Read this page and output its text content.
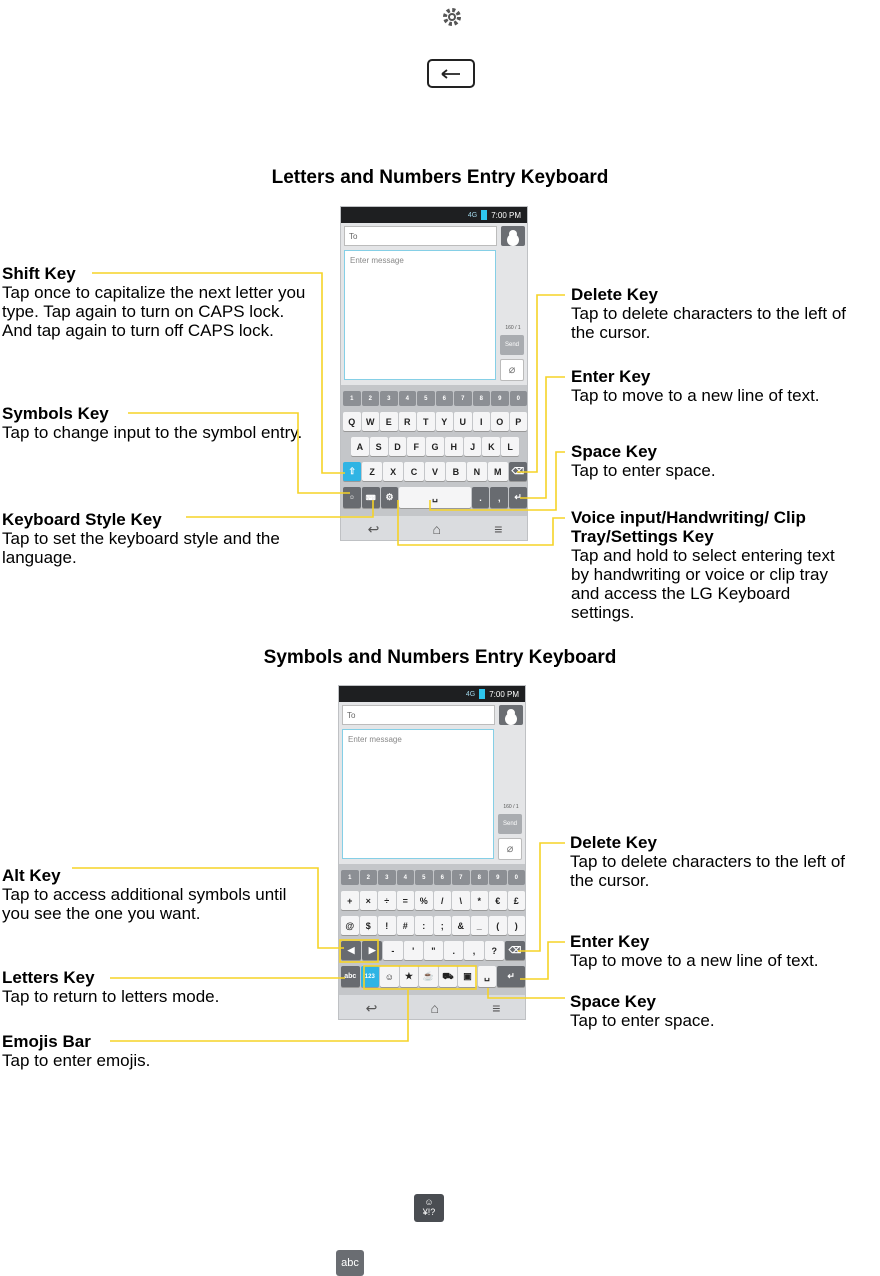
Letters and Numbers Entry Keyboard
4G 7:00 PM
To
Enter message
160 / 1
Send
⌀
1	2	3	4	5	6	7	8	9	0
Q	W	E	R	T	Y	U	I	O	P
A	S	D	F	G	H	J	K	L
⇧	Z	X	C	V	B	N	M	⌫
☺	⌨	⚙	␣	.	,	↵
↩	⌂	≡
Shift Key
Tap once to capitalize the next letter you type. Tap again to turn on CAPS lock. And tap again to turn off CAPS lock.
Symbols Key
Tap to change input to the symbol entry.
Keyboard Style Key
Tap to set the keyboard style and the language.
Delete Key
Tap to delete characters to the left of the cursor.
Enter Key
Tap to move to a new line of text.
Space Key
Tap to enter space.
Voice input/Handwriting/ Clip Tray/Settings Key
Tap and hold to select entering text by handwriting or voice or clip tray and access the LG Keyboard settings.
Symbols and Numbers Entry Keyboard
4G 7:00 PM
To
Enter message
160 / 1
Send
⌀
1	2	3	4	5	6	7	8	9	0
+	×	÷	=	%	/	\	*	€	£
@	$	!	#	:	;	&	_	(	)
◀	▶	-	'	"	.	,	?	⌫
abc	123	☺	★	☕ ⛟	▣	␣	↵
↩	⌂	≡
Alt Key
Tap to access additional symbols until you see the one you want.
Letters Key
Tap to return to letters mode.
Emojis Bar
Tap to enter emojis.
Delete Key
Tap to delete characters to the left of the cursor.
Enter Key
Tap to move to a new line of text.
Space Key
Tap to enter space.
☺
¥!?
abc
